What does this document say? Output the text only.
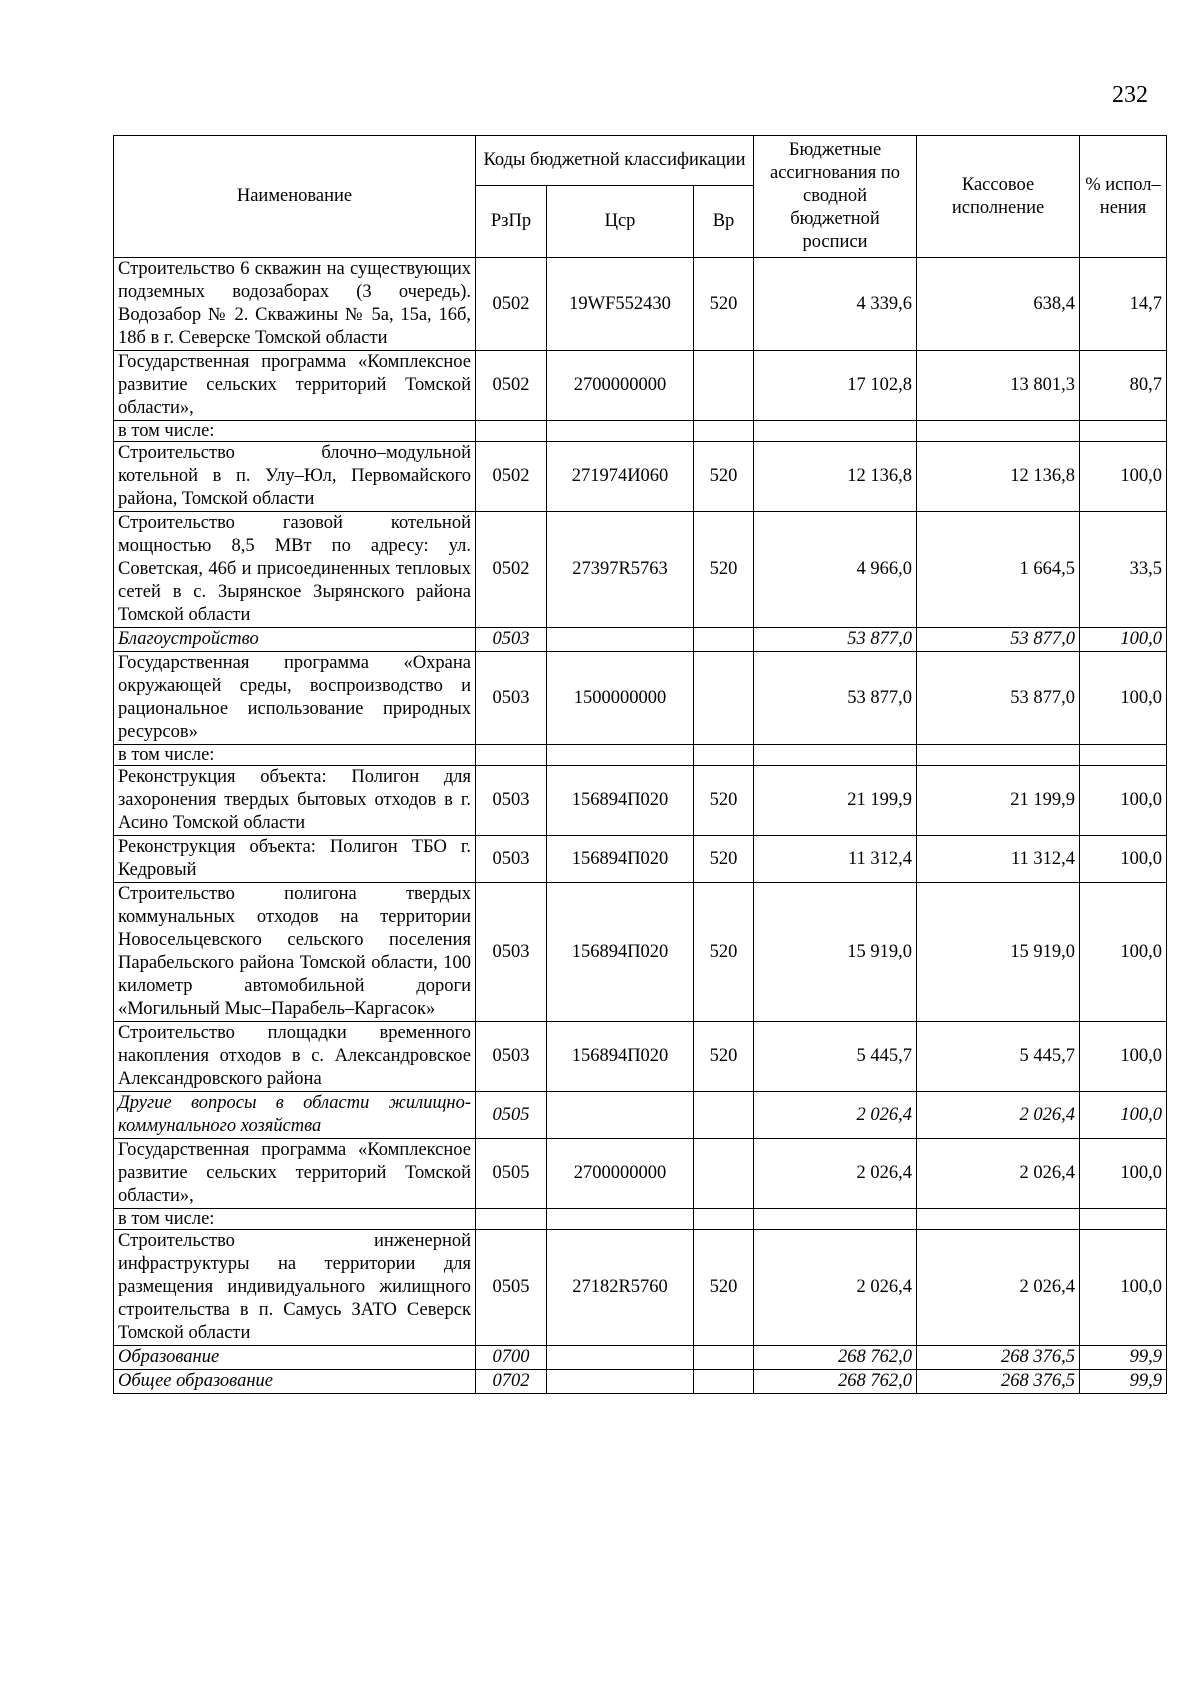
232
Наименование	Коды бюджетной классификации			Бюджетные ассигнования по сводной бюджетной росписи	Кассовое исполнение	% испол–нения
	РзПр	Цср	Вр			
Строительство 6 скважин на существующих подземных водозаборах (3 очередь). Водозабор № 2. Скважины № 5а, 15а, 16б, 18б в г. Северске Томской области	0502	19WF552430	520	4 339,6	638,4	14,7
Государственная программа «Комплексное развитие сельских территорий Томской области»,	0502	2700000000		17 102,8	13 801,3	80,7
в том числе:						
Строительство блочно–модульной котельной в п. Улу–Юл, Первомайского района, Томской области	0502	271974И060	520	12 136,8	12 136,8	100,0
Строительство газовой котельной мощностью 8,5 МВт по адресу: ул. Советская, 46б и присоединенных тепловых сетей в с. Зырянское Зырянского района Томской области	0502	27397R5763	520	4 966,0	1 664,5	33,5
Благоустройство	0503			53 877,0	53 877,0	100,0
Государственная программа «Охрана окружающей среды, воспроизводство и рациональное использование природных ресурсов»	0503	1500000000		53 877,0	53 877,0	100,0
в том числе:						
Реконструкция объекта: Полигон для захоронения твердых бытовых отходов в г. Асино Томской области	0503	156894П020	520	21 199,9	21 199,9	100,0
Реконструкция объекта: Полигон ТБО г. Кедровый	0503	156894П020	520	11 312,4	11 312,4	100,0
Строительство полигона твердых коммунальных отходов на территории Новосельцевского сельского поселения Парабельского района Томской области, 100 километр автомобильной дороги «Могильный Мыс–Парабель–Каргасок»	0503	156894П020	520	15 919,0	15 919,0	100,0
Строительство площадки временного накопления отходов в с. Александровское Александровского района	0503	156894П020	520	5 445,7	5 445,7	100,0
Другие вопросы в области жилищно-коммунального хозяйства	0505			2 026,4	2 026,4	100,0
Государственная программа «Комплексное развитие сельских территорий Томской области»,	0505	2700000000		2 026,4	2 026,4	100,0
в том числе:						
Строительство инженерной инфраструктуры на территории для размещения индивидуального жилищного строительства в п. Самусь ЗАТО Северск Томской области	0505	27182R5760	520	2 026,4	2 026,4	100,0
Образование	0700			268 762,0	268 376,5	99,9
Общее образование	0702			268 762,0	268 376,5	99,9
